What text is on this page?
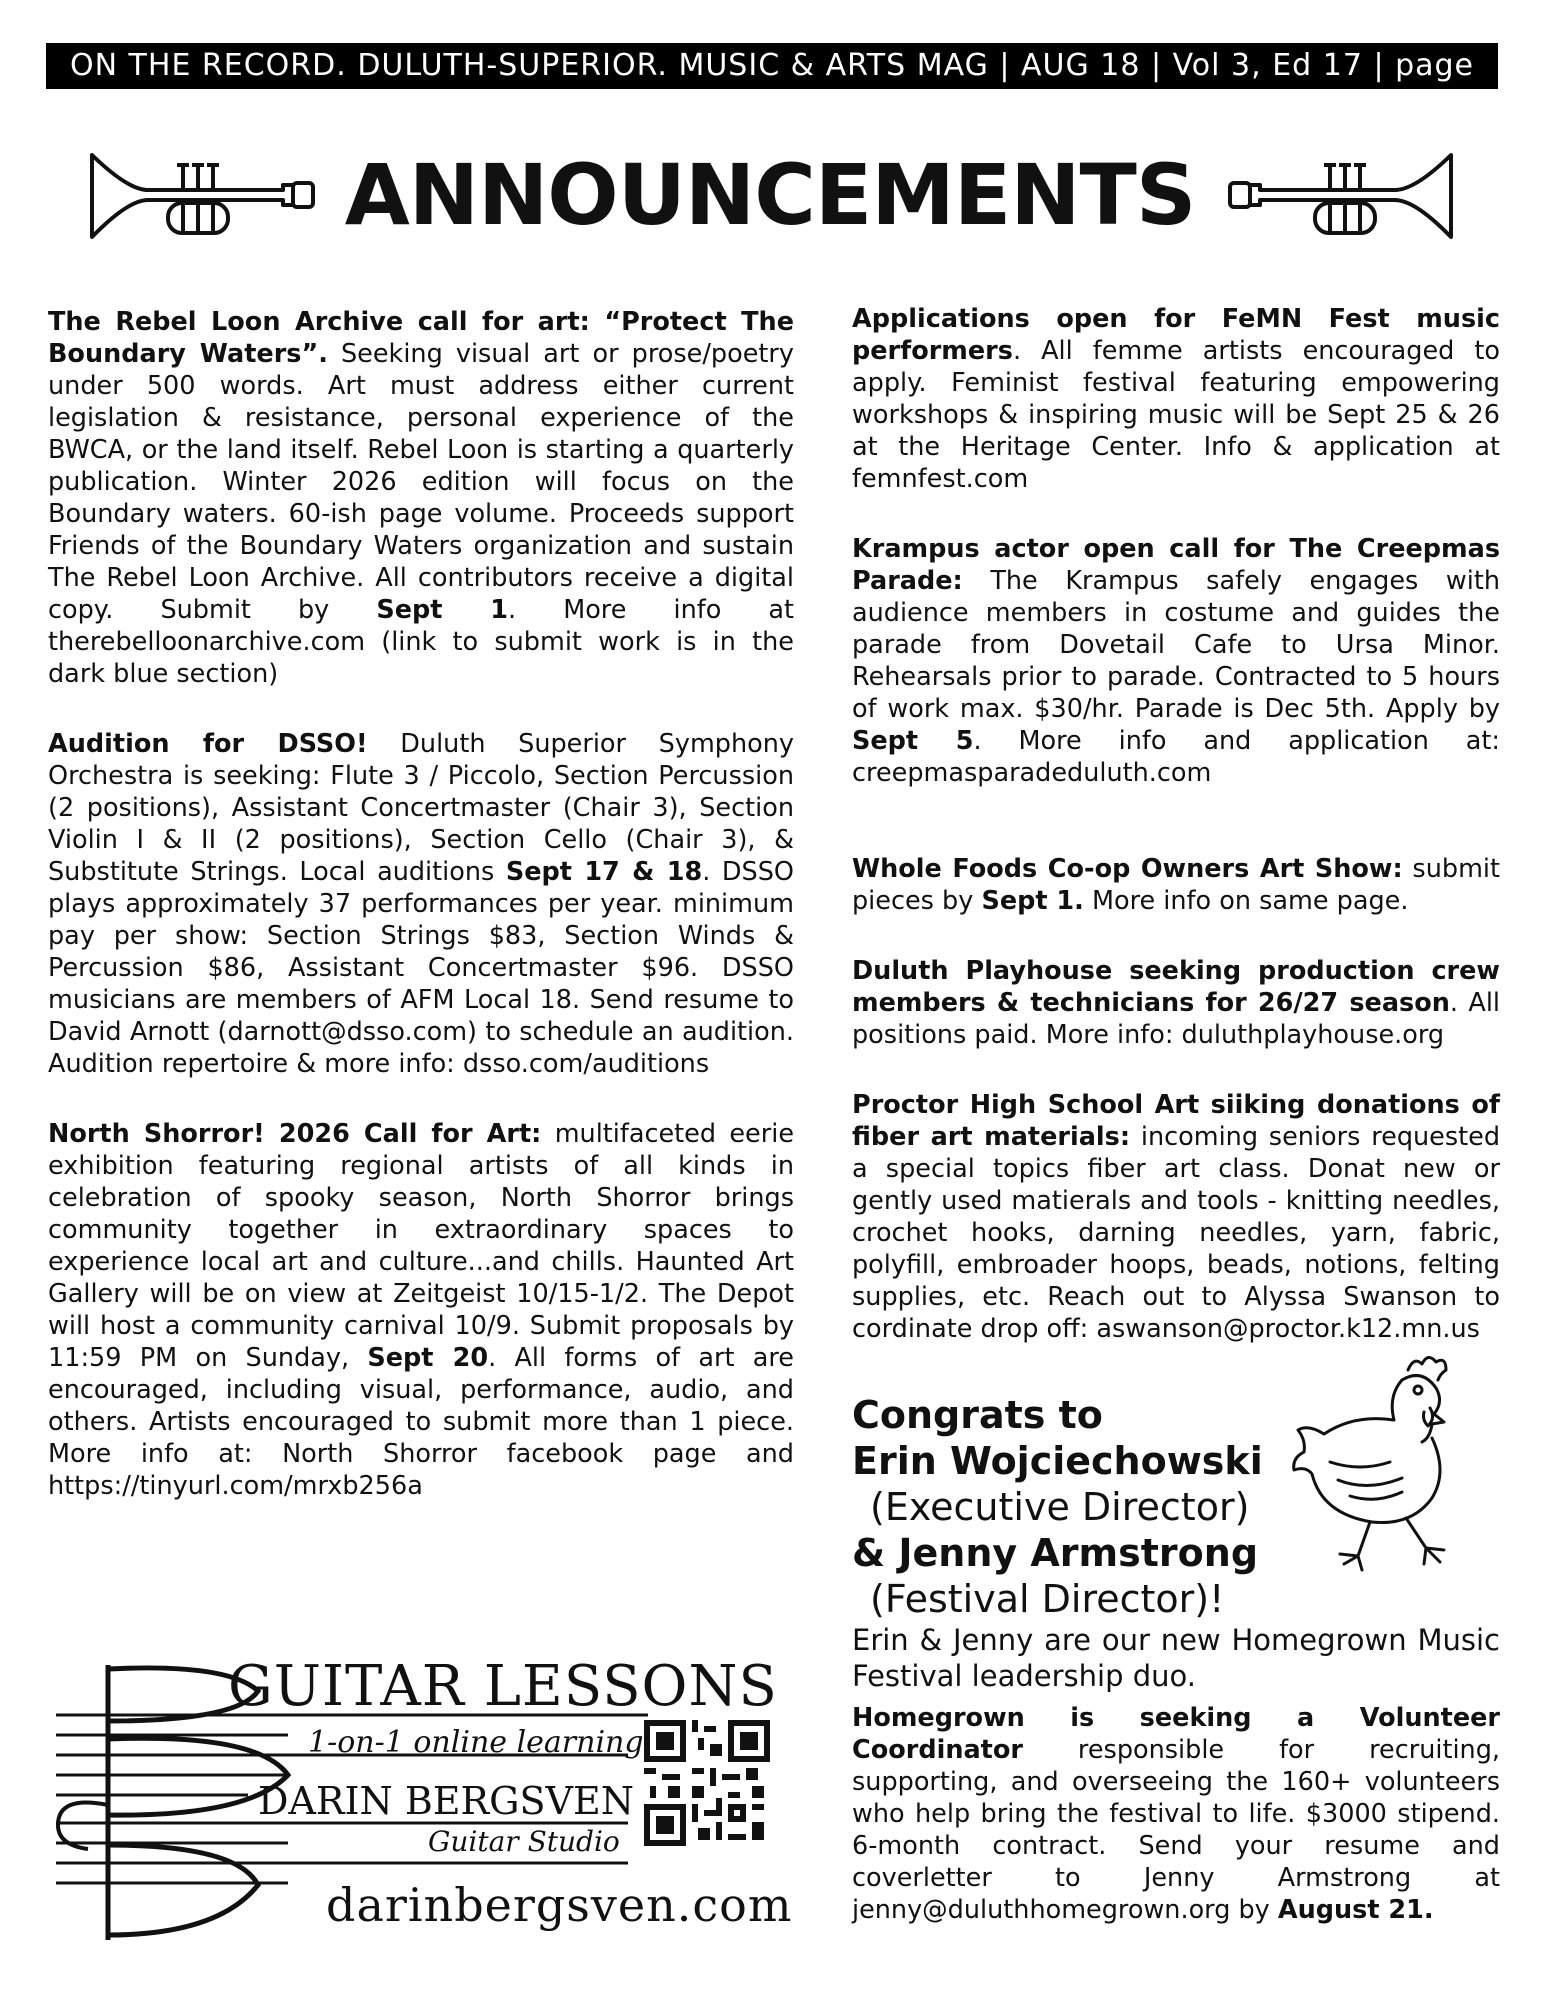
ON THE RECORD. DULUTH-SUPERIOR. MUSIC & ARTS MAG | AUG 18 | Vol 3, Ed 17 | page 10
ANNOUNCEMENTS

The Rebel Loon Archive call for art: “Protect The Boundary Waters”. Seeking visual art or prose/poetry under 500 words. Art must address either current legislation & resistance, personal experience of the BWCA, or the land itself. Rebel Loon is starting a quarterly publication. Winter 2026 edition will focus on the Boundary waters. 60-ish page volume. Proceeds support Friends of the Boundary Waters organization and sustain The Rebel Loon Archive. All contributors receive a digital copy. Submit by Sept 1. More info at therebelloonarchive.com (link to submit work is in the dark blue section)

Audition for DSSO! Duluth Superior Symphony Orchestra is seeking: Flute 3 / Piccolo, Section Percussion (2 positions), Assistant Concertmaster (Chair 3), Section Violin I & II (2 positions), Section Cello (Chair 3), & Substitute Strings. Local auditions Sept 17 & 18. DSSO plays approximately 37 performances per year. minimum pay per show: Section Strings $83, Section Winds & Percussion $86, Assistant Concertmaster $96. DSSO musicians are members of AFM Local 18. Send resume to David Arnott (darnott@dsso.com) to schedule an audition. Audition repertoire & more info: dsso.com/auditions

North Shorror! 2026 Call for Art: multifaceted eerie exhibition featuring regional artists of all kinds in celebration of spooky season, North Shorror brings community together in extraordinary spaces to experience local art and culture...and chills. Haunted Art Gallery will be on view at Zeitgeist 10/15-1/2. The Depot will host a community carnival 10/9. Submit proposals by 11:59 PM on Sunday, Sept 20. All forms of art are encouraged, including visual, performance, audio, and others. Artists encouraged to submit more than 1 piece. More info at: North Shorror facebook page and https://tinyurl.com/mrxb256a

Applications open for FeMN Fest music performers. All femme artists encouraged to apply. Feminist festival featuring empowering workshops & inspiring music will be Sept 25 & 26 at the Heritage Center. Info & application at femnfest.com

Krampus actor open call for The Creepmas Parade: The Krampus safely engages with audience members in costume and guides the parade from Dovetail Cafe to Ursa Minor. Rehearsals prior to parade. Contracted to 5 hours of work max. $30/hr. Parade is Dec 5th. Apply by Sept 5. More info and application at: creepmasparadeduluth.com

Whole Foods Co-op Owners Art Show: submit pieces by Sept 1. More info on same page.

Duluth Playhouse seeking production crew members & technicians for 26/27 season. All positions paid. More info: duluthplayhouse.org

Proctor High School Art siiking donations of fiber art materials: incoming seniors requested a special topics fiber art class. Donat new or gently used matierals and tools - knitting needles, crochet hooks, darning needles, yarn, fabric, polyfill, embroader hoops, beads, notions, felting supplies, etc. Reach out to Alyssa Swanson to cordinate drop off: aswanson@proctor.k12.mn.us

Congrats to
Erin Wojciechowski
(Executive Director)
& Jenny Armstrong
(Festival Director)!
Erin & Jenny are our new Homegrown Music Festival leadership duo.
Homegrown is seeking a Volunteer Coordinator responsible for recruiting, supporting, and overseeing the 160+ volunteers who help bring the festival to life. $3000 stipend. 6-month contract. Send your resume and coverletter to Jenny Armstrong at jenny@duluthhomegrown.org by August 21.
GUITAR LESSONS
1-on-1 online learning
DARIN BERGSVEN
Guitar Studio
darinbergsven.com
